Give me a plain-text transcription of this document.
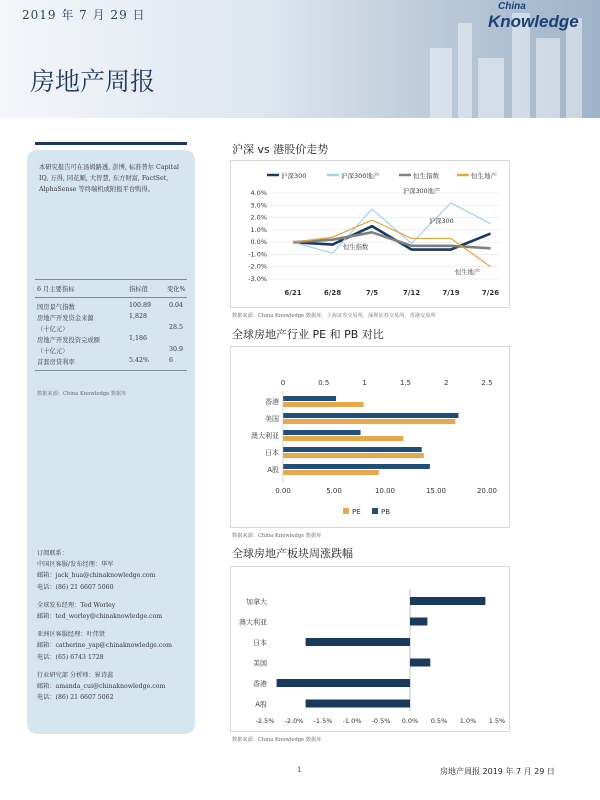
2019 年 7 月 29 日
房地产周报
China
Knowledge
本研究报告可在汤姆路透, 彭博, 标准普尔 Capital IQ, 万得, 同花顺, 大智慧, 东方财富, FactSet, AlphaSense 等终端机或附报平台购得。
6 月主要指标	指标值	变化%
国房景气指数	100.89	0.04
房地产开发资金来源	1,828
（十亿元）	28.5
房地产开发投资完成额	1,186
（十亿元）	30.9
首套房贷利率	5.42%	6
数据来源：China Knowledge 数据库
订阅联系：
中国区客服/发布经理：华军
邮箱：jack_hua@chinaknowledge.com
电话：(86) 21 6607 5060
全球发布经理：Ted Worley
邮箱：ted_worley@chinaknowledge.com
亚洲区客服经理：叶伟贤
邮箱：catherine_yap@chinaknowledge.com
电话：(65) 6743 1728
行业研究部 分析师：崔诗蕊
邮箱：amanda_cui@chinaknowledge.com
电话：(86) 21 6607 5062
沪深 vs 港股价走势
沪深300	沪深300地产	恒生指数	恒生地产
4.0%
3.0%
2.0%
1.0%
0.0%
-1.0%
-2.0%
-3.0%
6/21	6/28	7/5	7/12	7/19	7/26
沪深300地产
沪深300
恒生指数
恒生地产
数据来源：China Knowledge 数据库，上海证券交易所，深圳证券交易所，香港交易所
全球房地产行业 PE 和 PB 对比
0	0.5	1	1.5	2	2.5
0.00	5.00	10.00	15.00	20.00
香港
美国
澳大利亚
日本
A股
PE	PB
数据来源：China Knowledge 数据库
全球房地产板块周涨跌幅
-2.5% -2.0% -1.5% -1.0% -0.5% 0.0% 0.5% 1.0% 1.5%
加拿大
澳大利亚
日本
美国
香港
A股
数据来源：China Knowledge 数据库
1	房地产周报 2019 年 7 月 29 日
